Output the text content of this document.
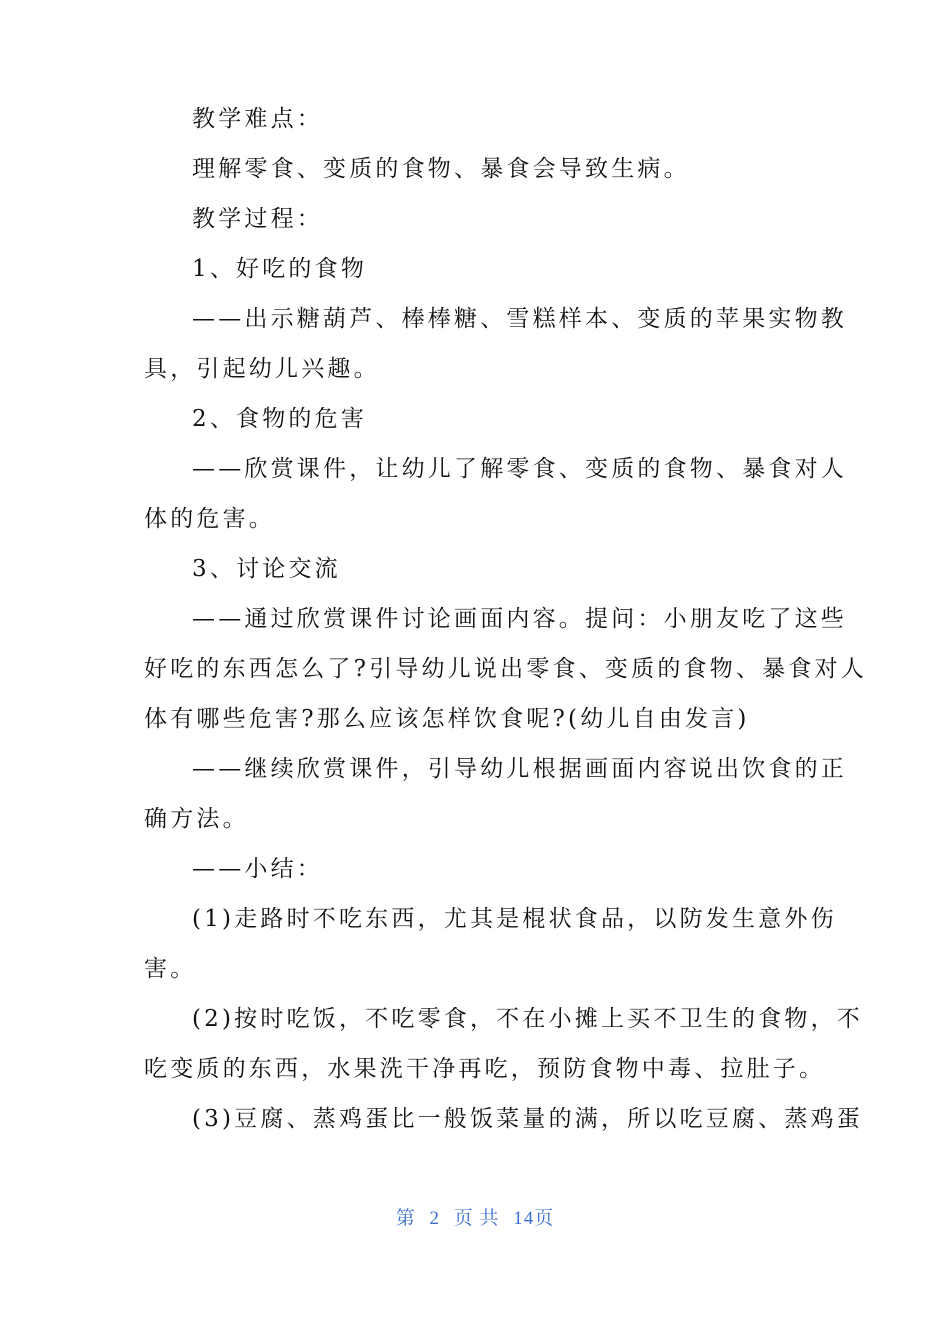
教学难点：
理解零食、变质的食物、暴食会导致生病。
教学过程：
1、好吃的食物
——出示糖葫芦、棒棒糖、雪糕样本、变质的苹果实物教
具，引起幼儿兴趣。
2、食物的危害
——欣赏课件，让幼儿了解零食、变质的食物、暴食对人
体的危害。
3、讨论交流
——通过欣赏课件讨论画面内容。提问：小朋友吃了这些
好吃的东西怎么了?引导幼儿说出零食、变质的食物、暴食对人
体有哪些危害?那么应该怎样饮食呢?(幼儿自由发言)
——继续欣赏课件，引导幼儿根据画面内容说出饮食的正
确方法。
——小结：
(1)走路时不吃东西，尤其是棍状食品，以防发生意外伤
害。
(2)按时吃饭，不吃零食，不在小摊上买不卫生的食物，不
吃变质的东西，水果洗干净再吃，预防食物中毒、拉肚子。
(3)豆腐、蒸鸡蛋比一般饭菜量的满，所以吃豆腐、蒸鸡蛋
第 2 页 共 14页
